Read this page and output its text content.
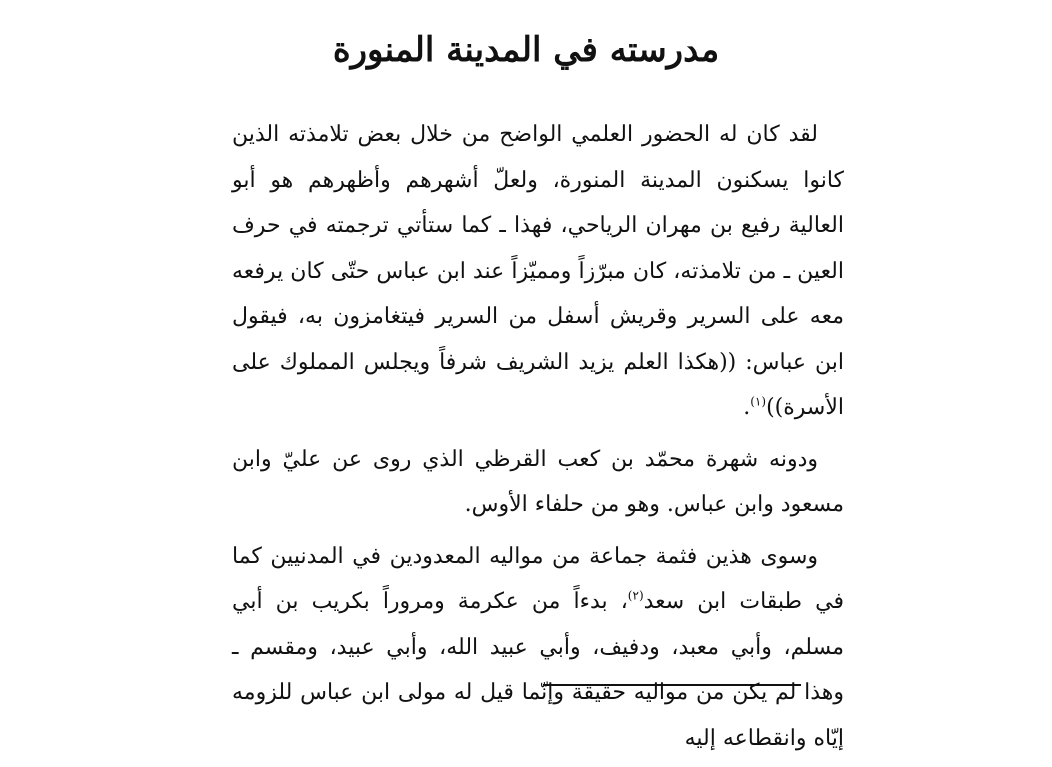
مدرسته في المدينة المنورة

لقد كان له الحضور العلمي الواضح من خلال بعض تلامذته الذين كانوا يسكنون المدينة المنورة، ولعلّ أشهرهم وأظهرهم هو أبو العالية رفيع بن مهران الرياحي، فهذا ـ كما ستأتي ترجمته في حرف العين ـ من تلامذته، كان مبرّزاً ومميّزاً عند ابن عباس حتّى كان يرفعه معه على السرير وقريش أسفل من السرير فيتغامزون به، فيقول ابن عباس: ((هكذا العلم يزيد الشريف شرفاً ويجلس المملوك على الأسرة))$^{(١)}$.

ودونه شهرة محمّد بن كعب القرظي الذي روى عن عليّ وابن مسعود وابن عباس. وهو من حلفاء الأوس.

وسوى هذين فثمة جماعة من مواليه المعدودين في المدنيين كما في طبقات ابن سعد$^{(٢)}$، بدءاً من عكرمة ومروراً بكريب بن أبي مسلم، وأبي معبد، ودفيف، وأبي عبيد الله، وأبي عبيد، ومقسم ـ وهذا لم يكن من مواليه حقيقة وإنّما قيل له مولى ابن عباس للزومه إيّاه وانقطاعه إليه
